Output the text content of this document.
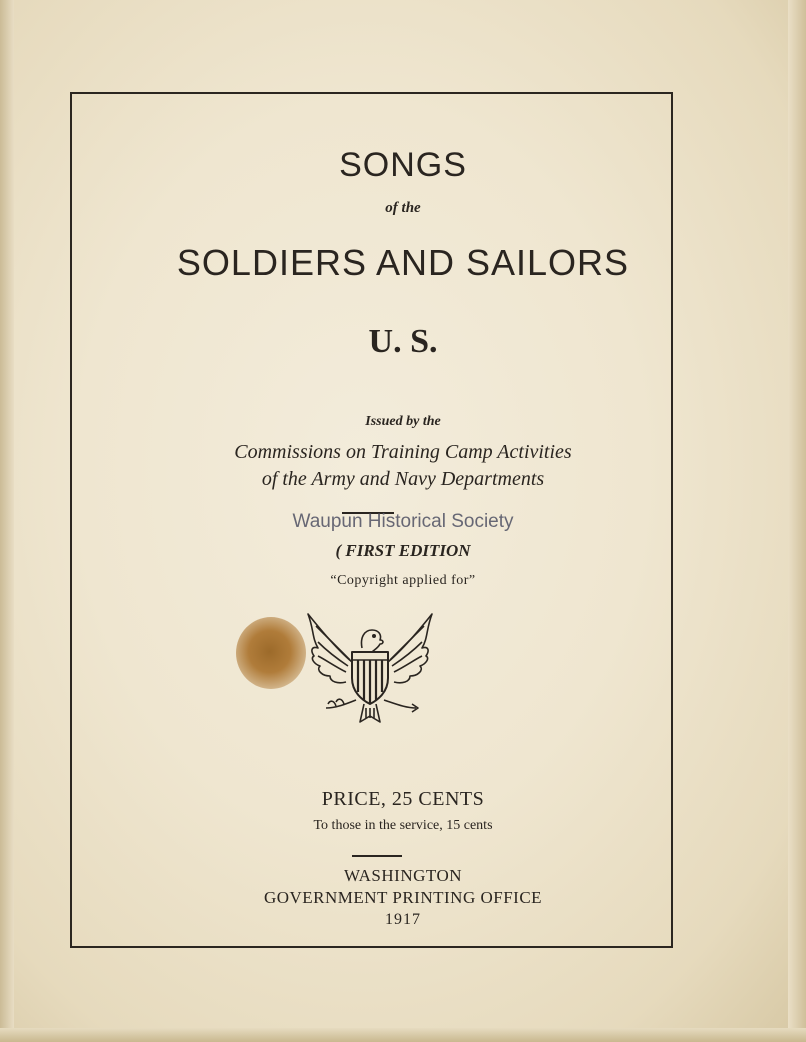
SONGS
of the
SOLDIERS AND SAILORS
U. S.
Issued by the
Commissions on Training Camp Activities
of the Army and Navy Departments
Waupun Historical Society
( FIRST EDITION
“Copyright applied for”
PRICE, 25 CENTS
To those in the service, 15 cents
WASHINGTON
GOVERNMENT PRINTING OFFICE
1917
